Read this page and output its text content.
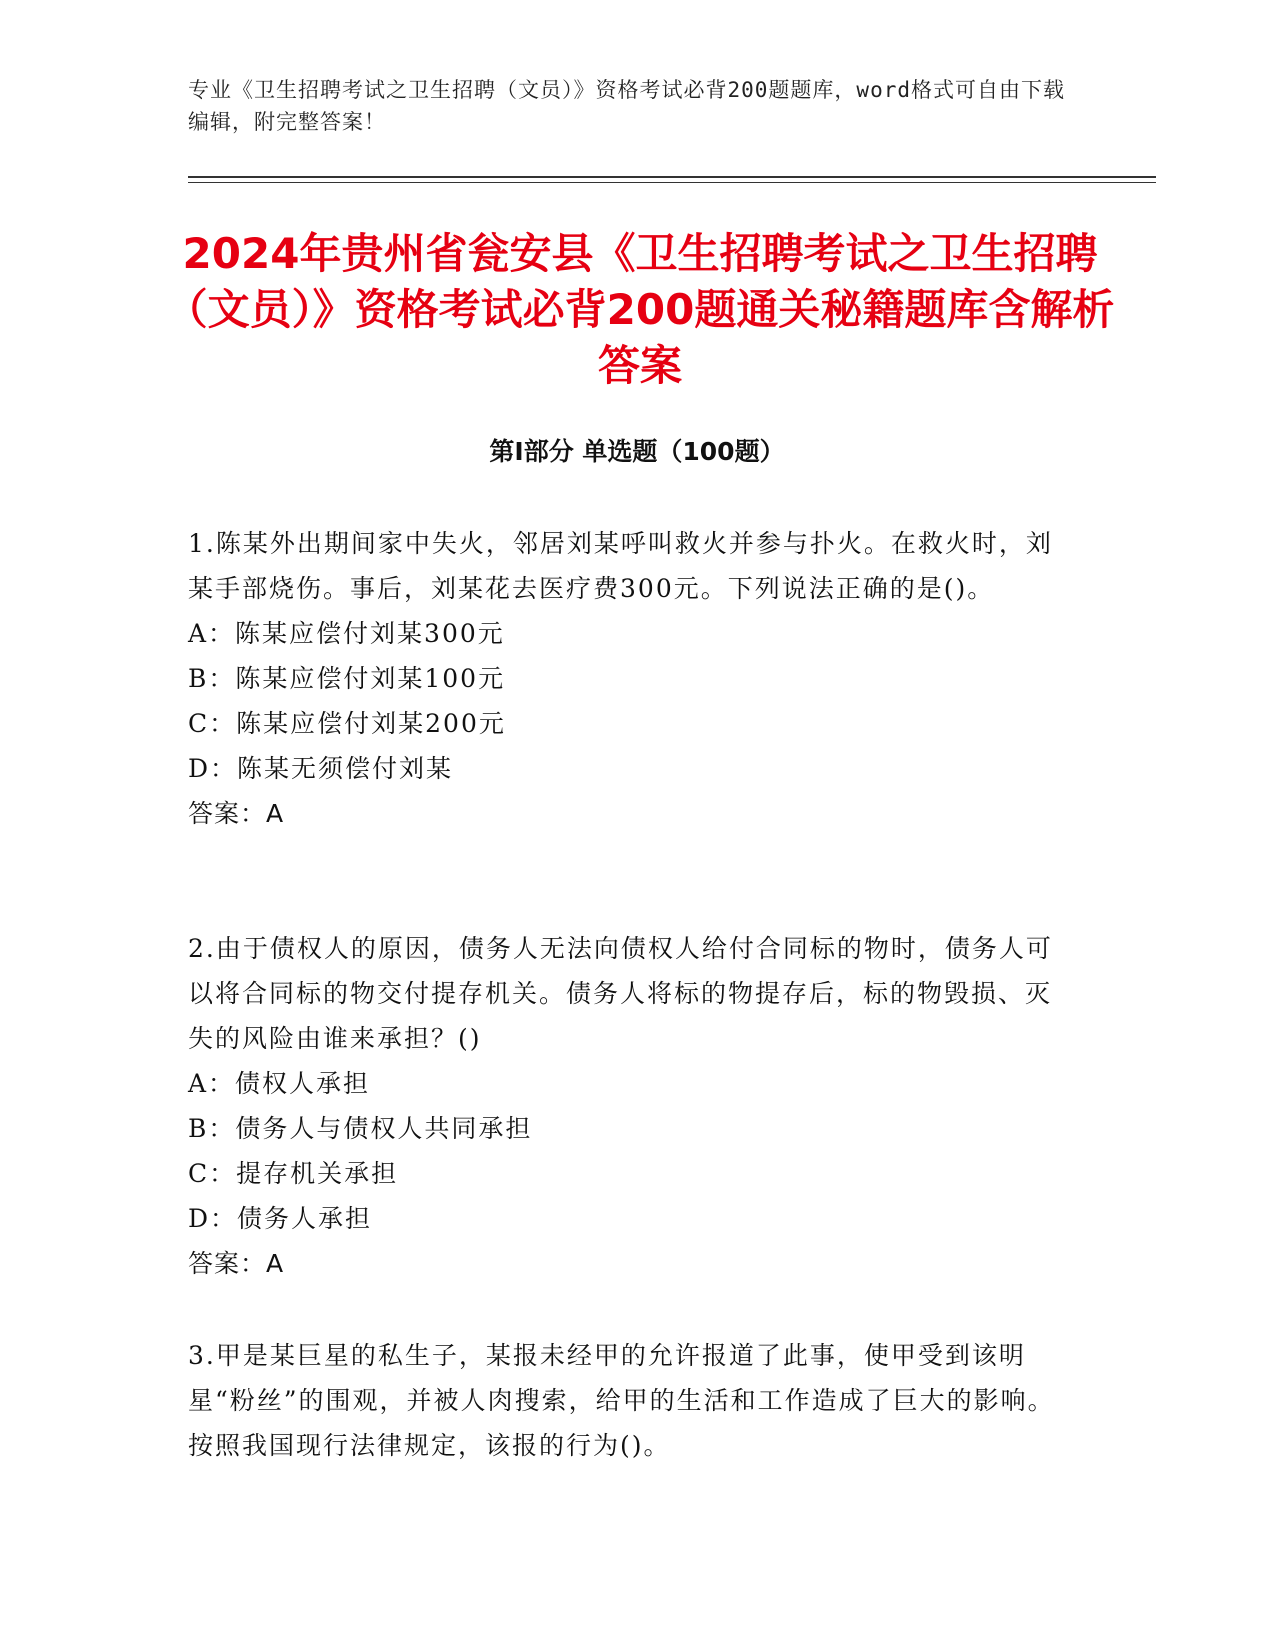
专业《卫生招聘考试之卫生招聘（文员）》资格考试必背200题题库，word格式可自由下载编辑，附完整答案！
2024年贵州省瓮安县《卫生招聘考试之卫生招聘（文员）》资格考试必背200题通关秘籍题库含解析答案
第I部分 单选题（100题）

1.陈某外出期间家中失火，邻居刘某呼叫救火并参与扑火。在救火时，刘某手部烧伤。事后，刘某花去医疗费300元。下列说法正确的是()。

A：陈某应偿付刘某300元

B：陈某应偿付刘某100元

C：陈某应偿付刘某200元

D：陈某无须偿付刘某

答案：A

2.由于债权人的原因，债务人无法向债权人给付合同标的物时，债务人可以将合同标的物交付提存机关。债务人将标的物提存后，标的物毁损、灭失的风险由谁来承担？()

A：债权人承担

B：债务人与债权人共同承担

C：提存机关承担

D：债务人承担

答案：A

3.甲是某巨星的私生子，某报未经甲的允许报道了此事，使甲受到该明星“粉丝”的围观，并被人肉搜索，给甲的生活和工作造成了巨大的影响。按照我国现行法律规定，该报的行为()。
